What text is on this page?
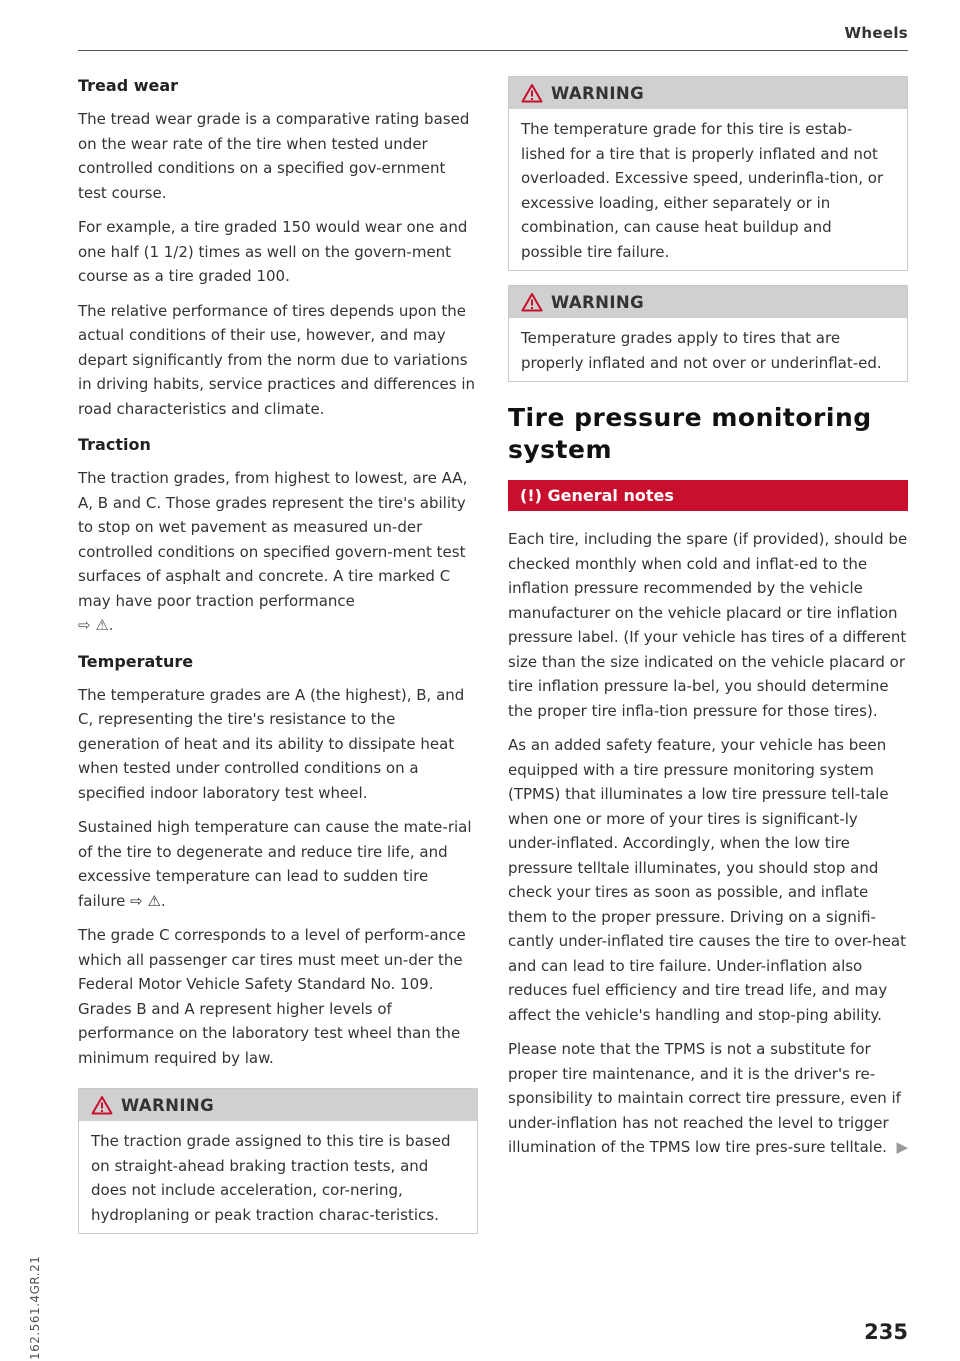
Wheels
Tread wear

The tread wear grade is a comparative rating based on the wear rate of the tire when tested under controlled conditions on a specified gov-ernment test course.

For example, a tire graded 150 would wear one and one half (1 1/2) times as well on the govern-ment course as a tire graded 100.

The relative performance of tires depends upon the actual conditions of their use, however, and may depart significantly from the norm due to variations in driving habits, service practices and differences in road characteristics and climate.

Traction

The traction grades, from highest to lowest, are AA, A, B and C. Those grades represent the tire's ability to stop on wet pavement as measured un-der controlled conditions on specified govern-ment test surfaces of asphalt and concrete. A tire marked C may have poor traction performance
⇨ ⚠.

Temperature

The temperature grades are A (the highest), B, and C, representing the tire's resistance to the generation of heat and its ability to dissipate heat when tested under controlled conditions on a specified indoor laboratory test wheel.

Sustained high temperature can cause the mate-rial of the tire to degenerate and reduce tire life, and excessive temperature can lead to sudden tire failure ⇨ ⚠.

The grade C corresponds to a level of perform-ance which all passenger car tires must meet un-der the Federal Motor Vehicle Safety Standard No. 109. Grades B and A represent higher levels of performance on the laboratory test wheel than the minimum required by law.

WARNING

The traction grade assigned to this tire is based on straight-ahead braking traction tests, and does not include acceleration, cor-nering, hydroplaning or peak traction charac-teristics.

WARNING

The temperature grade for this tire is estab-lished for a tire that is properly inflated and not overloaded. Excessive speed, underinfla-tion, or excessive loading, either separately or in combination, can cause heat buildup and possible tire failure.

WARNING

Temperature grades apply to tires that are properly inflated and not over or underinflat-ed.

Tire pressure monitoring system
(!) General notes

Each tire, including the spare (if provided), should be checked monthly when cold and inflat-ed to the inflation pressure recommended by the vehicle manufacturer on the vehicle placard or tire inflation pressure label. (If your vehicle has tires of a different size than the size indicated on the vehicle placard or tire inflation pressure la-bel, you should determine the proper tire infla-tion pressure for those tires).

As an added safety feature, your vehicle has been equipped with a tire pressure monitoring system (TPMS) that illuminates a low tire pressure tell-tale when one or more of your tires is significant-ly under-inflated. Accordingly, when the low tire pressure telltale illuminates, you should stop and check your tires as soon as possible, and inflate them to the proper pressure. Driving on a signifi-cantly under-inflated tire causes the tire to over-heat and can lead to tire failure. Under-inflation also reduces fuel efficiency and tire tread life, and may affect the vehicle's handling and stop-ping ability.

Please note that the TPMS is not a substitute for proper tire maintenance, and it is the driver's re-sponsibility to maintain correct tire pressure, even if under-inflation has not reached the level to trigger illumination of the TPMS low tire pres-sure telltale. ▶

162.561.4GR.21	235
